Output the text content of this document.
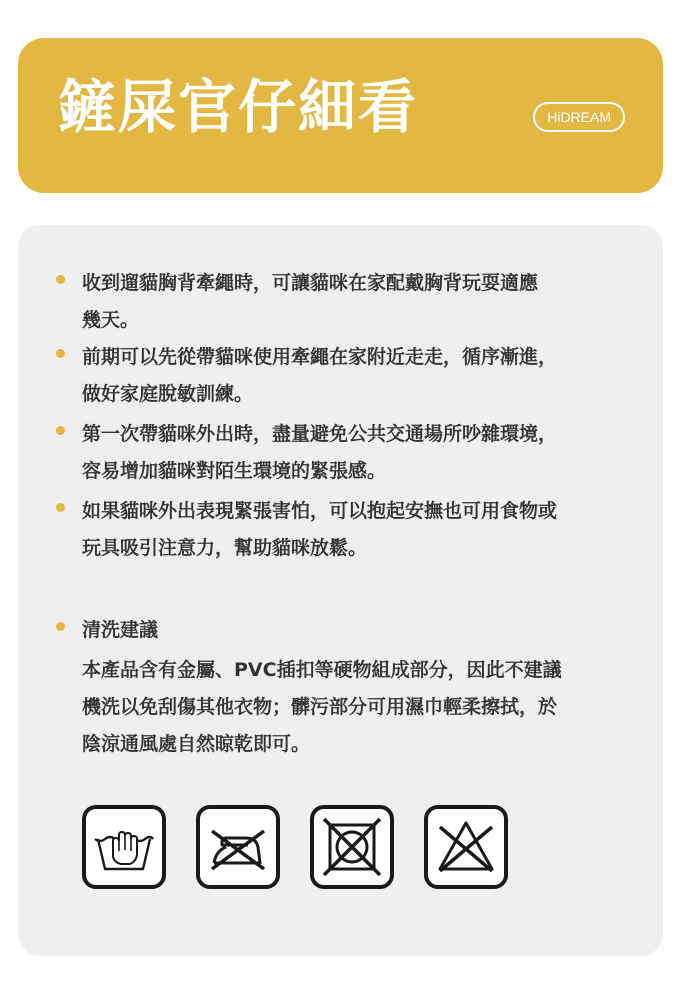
鏟屎官仔細看	HiDREAM
收到遛貓胸背牽繩時，可讓貓咪在家配戴胸背玩耍適應
幾天。
前期可以先從帶貓咪使用牽繩在家附近走走，循序漸進，
做好家庭脫敏訓練。
第一次帶貓咪外出時，盡量避免公共交通場所吵雜環境，
容易增加貓咪對陌生環境的緊張感。
如果貓咪外出表現緊張害怕，可以抱起安撫也可用食物或
玩具吸引注意力，幫助貓咪放鬆。
清洗建議
本產品含有金屬、PVC插扣等硬物組成部分，因此不建議
機洗以免刮傷其他衣物；髒污部分可用濕巾輕柔擦拭，於
陰涼通風處自然晾乾即可。
